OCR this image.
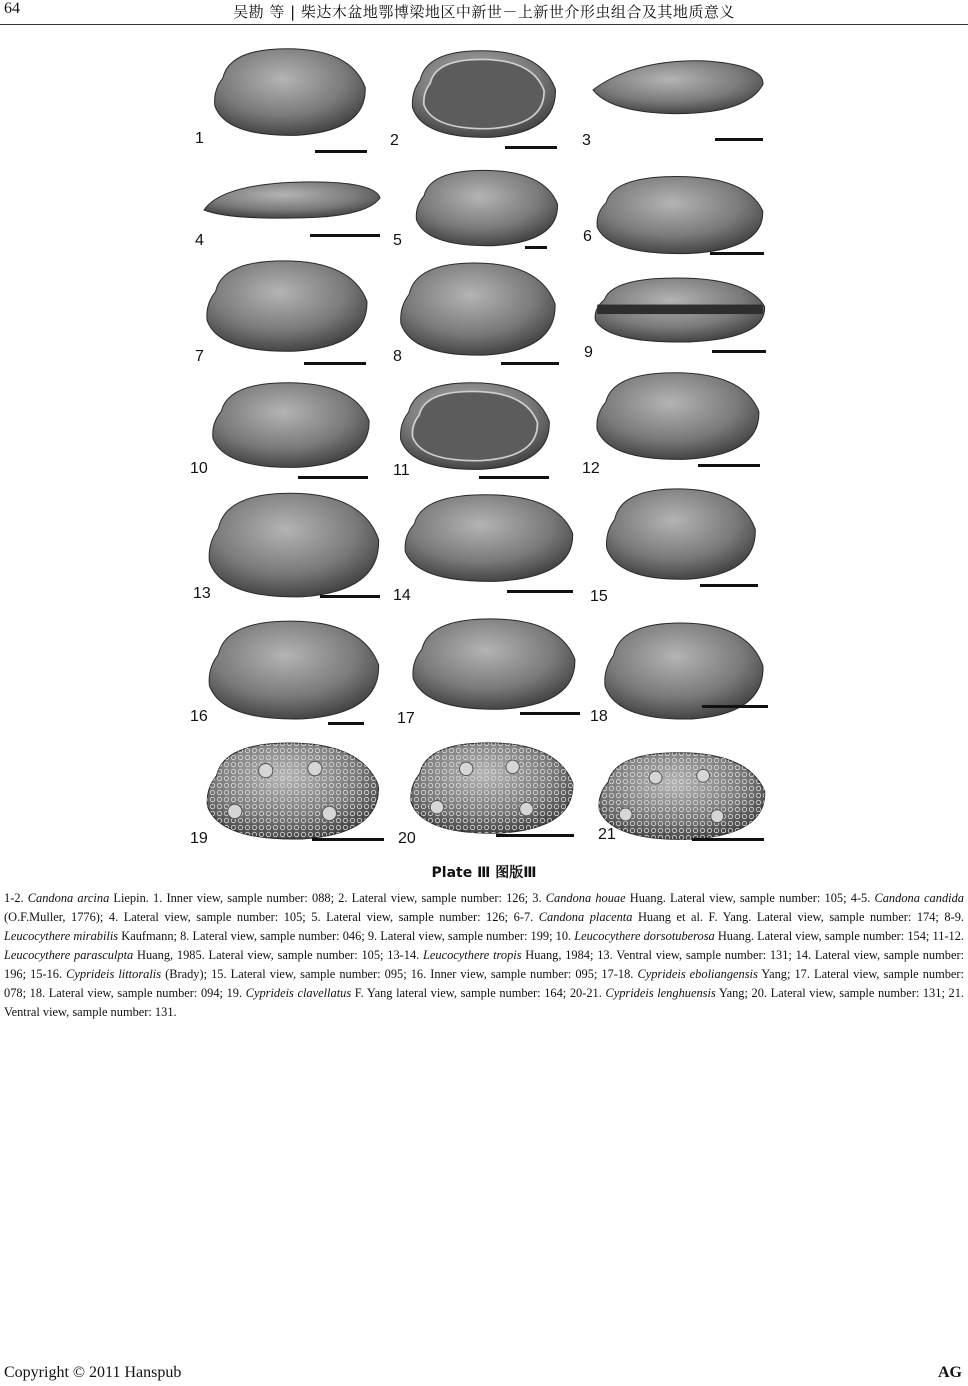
64	吴勘 等 | 柴达木盆地鄂博梁地区中新世－上新世介形虫组合及其地质意义
1	2	3
4	5	6
7	8	9
10	11	12
13	14	15
16	17	18
19	20	21
Plate Ⅲ 图版Ⅲ

1-2. Candona arcina Liepin. 1. Inner view, sample number: 088; 2. Lateral view, sample number: 126; 3. Candona houae Huang. Lateral view, sample number: 105; 4-5. Candona candida (O.F.Muller, 1776); 4. Lateral view, sample number: 105; 5. Lateral view, sample number: 126; 6-7. Candona placenta Huang et al. F. Yang. Lateral view, sample number: 174; 8-9. Leucocythere mirabilis Kaufmann; 8. Lateral view, sample number: 046; 9. Lateral view, sample number: 199; 10. Leucocythere dorsotuberosa Huang. Lateral view, sample number: 154; 11-12. Leucocythere parasculpta Huang, 1985. Lateral view, sample number: 105; 13-14. Leucocythere tropis Huang, 1984; 13. Ventral view, sample number: 131; 14. Lateral view, sample number: 196; 15-16. Cyprideis littoralis (Brady); 15. Lateral view, sample number: 095; 16. Inner view, sample number: 095; 17-18. Cyprideis eboliangensis Yang; 17. Lateral view, sample number: 078; 18. Lateral view, sample number: 094; 19. Cyprideis clavellatus F. Yang lateral view, sample number: 164; 20-21. Cyprideis lenghuensis Yang; 20. Lateral view, sample number: 131; 21. Ventral view, sample number: 131.

Copyright © 2011 Hanspub	AG
